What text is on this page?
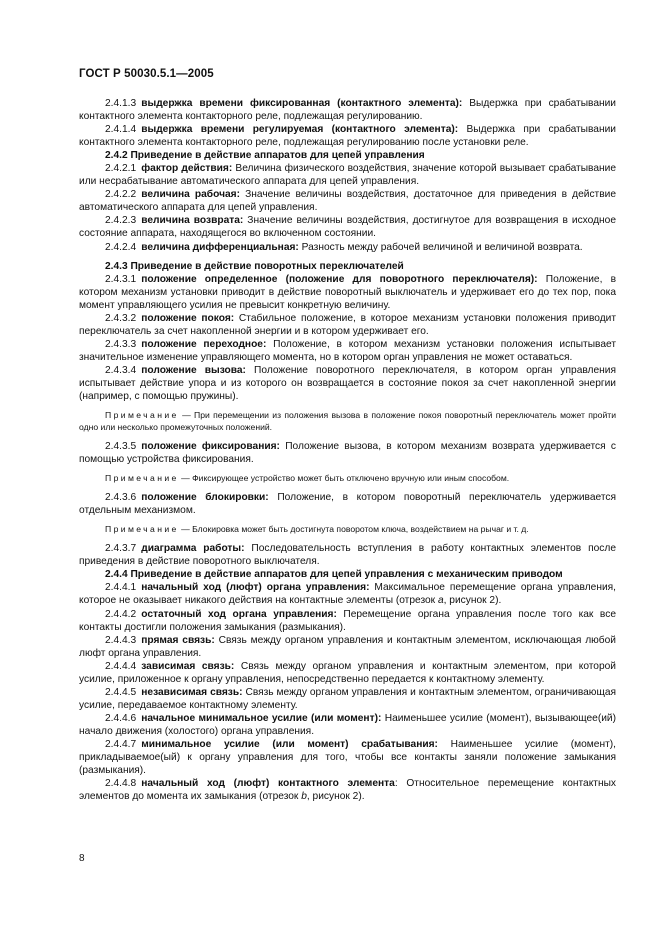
ГОСТ Р 50030.5.1—2005

2.4.1.3  выдержка времени фиксированная (контактного элемента): Выдержка при срабатывании контактного элемента контакторного реле, подлежащая регулированию.

2.4.1.4  выдержка времени регулируемая (контактного элемента): Выдержка при срабатывании контактного элемента контакторного реле, подлежащая регулированию после установки реле.

2.4.2 Приведение в действие аппаратов для цепей управления

2.4.2.1  фактор действия: Величина физического воздействия, значение которой вызывает срабатывание или несрабатывание автоматического аппарата для цепей управления.

2.4.2.2  величина рабочая: Значение величины воздействия, достаточное для приведения в действие автоматического аппарата для цепей управления.

2.4.2.3  величина возврата: Значение величины воздействия, достигнутое для возвращения в исходное состояние аппарата, находящегося во включенном состоянии.

2.4.2.4  величина дифференциальная: Разность между рабочей величиной и величиной возврата.

2.4.3 Приведение в действие поворотных переключателей

2.4.3.1  положение определенное (положение для поворотного переключателя): Положение, в котором механизм установки приводит в действие поворотный выключатель и удерживает его до тех пор, пока момент управляющего усилия не превысит конкретную величину.

2.4.3.2  положение покоя: Стабильное положение, в которое механизм установки положения приводит переключатель за счет накопленной энергии и в котором удерживает его.

2.4.3.3  положение переходное: Положение, в котором механизм установки положения испытывает значительное изменение управляющего момента, но в котором орган управления не может оставаться.

2.4.3.4  положение вызова: Положение поворотного переключателя, в котором орган управления испытывает действие упора и из которого он возвращается в состояние покоя за счет накопленной энергии (например, с помощью пружины).

Примечание — При перемещении из положения вызова в положение покоя поворотный переключатель может пройти одно или несколько промежуточных положений.

2.4.3.5  положение фиксирования: Положение вызова, в котором механизм возврата удерживается с помощью устройства фиксирования.

Примечание — Фиксирующее устройство может быть отключено вручную или иным способом.

2.4.3.6  положение блокировки: Положение, в котором поворотный переключатель удерживается отдельным механизмом.

Примечание — Блокировка может быть достигнута поворотом ключа, воздействием на рычаг и т. д.

2.4.3.7  диаграмма работы: Последовательность вступления в работу контактных элементов после приведения в действие поворотного выключателя.

2.4.4 Приведение в действие аппаратов для цепей управления с механическим приводом

2.4.4.1  начальный ход (люфт) органа управления: Максимальное перемещение органа управления, которое не оказывает никакого действия на контактные элементы (отрезок a, рисунок 2).

2.4.4.2  остаточный ход органа управления: Перемещение органа управления после того как все контакты достигли положения замыкания (размыкания).

2.4.4.3  прямая связь: Связь между органом управления и контактным элементом, исключающая любой люфт органа управления.

2.4.4.4  зависимая связь: Связь между органом управления и контактным элементом, при которой усилие, приложенное к органу управления, непосредственно передается к контактному элементу.

2.4.4.5  независимая связь: Связь между органом управления и контактным элементом, ограничивающая усилие, передаваемое контактному элементу.

2.4.4.6  начальное минимальное усилие (или момент): Наименьшее усилие (момент), вызывающее(ий) начало движения (холостого) органа управления.

2.4.4.7  минимальное усилие (или момент) срабатывания: Наименьшее усилие (момент), прикладываемое(ый) к органу управления для того, чтобы все контакты заняли положение замыкания (размыкания).

2.4.4.8  начальный ход (люфт) контактного элемента: Относительное перемещение контактных элементов до момента их замыкания (отрезок b, рисунок 2).

8
